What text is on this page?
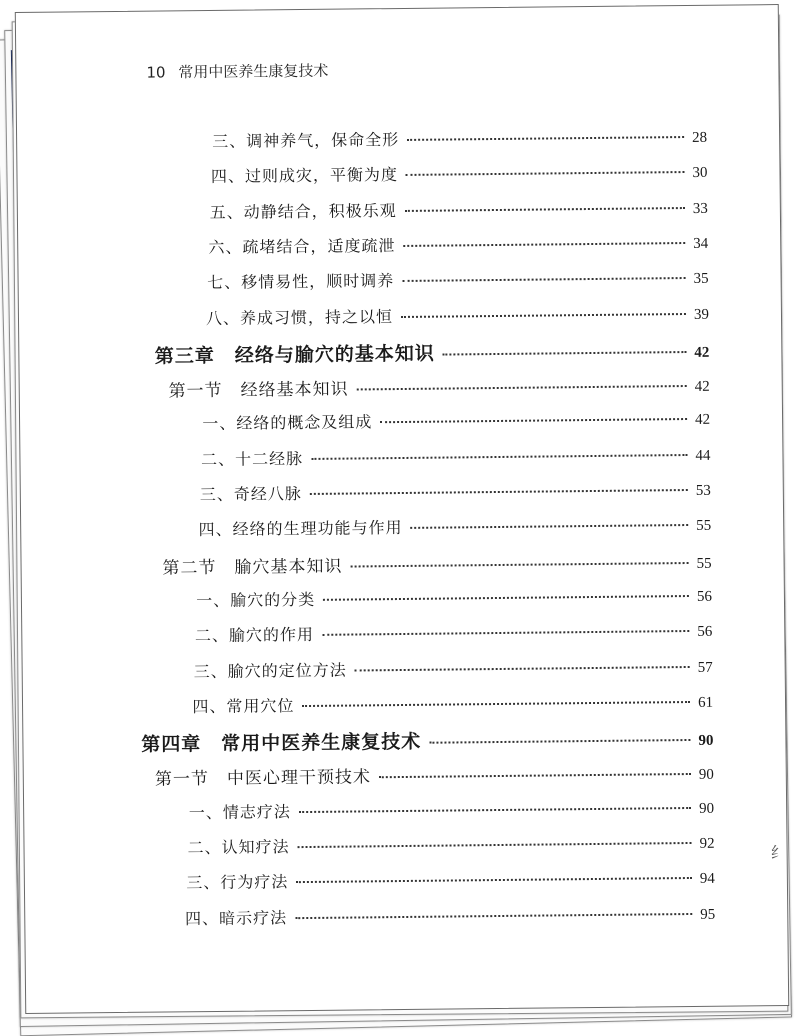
10 常用中医养生康复技术
三、调神养气，保命全形	28
四、过则成灾，平衡为度	30
五、动静结合，积极乐观	33
六、疏堵结合，适度疏泄	34
七、移情易性，顺时调养	35
八、养成习惯，持之以恒	39
第三章　经络与腧穴的基本知识	42
第一节　经络基本知识	42
一、经络的概念及组成	42
二、十二经脉	44
三、奇经八脉	53
四、经络的生理功能与作用	55
第二节　腧穴基本知识	55
一、腧穴的分类	56
二、腧穴的作用	56
三、腧穴的定位方法	57
四、常用穴位	61
第四章　常用中医养生康复技术	90
第一节　中医心理干预技术	90
一、情志疗法	90
二、认知疗法	92
三、行为疗法	94
四、暗示疗法	95
纟
